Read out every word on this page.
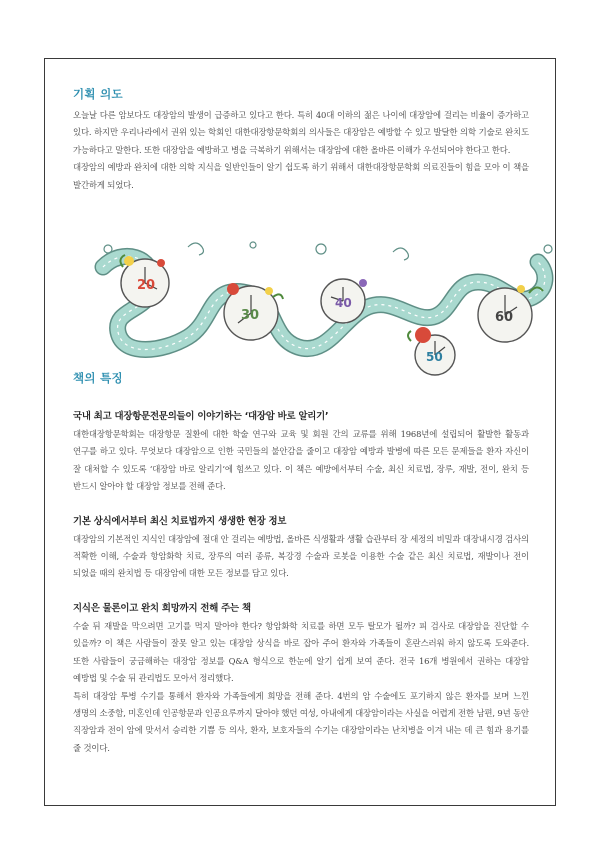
기획 의도

오늘날 다른 암보다도 대장암의 발생이 급증하고 있다고 한다. 특히 40대 이하의 젊은 나이에 대장암에 걸리는 비율이 증가하고 있다. 하지만 우리나라에서 권위 있는 학회인 대한대장항문학회의 의사들은 대장암은 예방할 수 있고 발달한 의학 기술로 완치도 가능하다고 말한다. 또한 대장암을 예방하고 병을 극복하기 위해서는 대장암에 대한 올바른 이해가 우선되어야 한다고 한다.

대장암의 예방과 완치에 대한 의학 지식을 일반인들이 알기 쉽도록 하기 위해서 대한대장항문학회 의료진들이 힘을 모아 이 책을 발간하게 되었다.

책의 특징
국내 최고 대장항문전문의들이 이야기하는 ‘대장암 바로 알리기’

대한대장항문학회는 대장항문 질환에 대한 학술 연구와 교육 및 회원 간의 교류를 위해 1968년에 설립되어 활발한 활동과 연구를 하고 있다. 무엇보다 대장암으로 인한 국민들의 불안감을 줄이고 대장암 예방과 발병에 따른 모든 문제들을 환자 자신이 잘 대처할 수 있도록 ‘대장암 바로 알리기’에 힘쓰고 있다. 이 책은 예방에서부터 수술, 최신 치료법, 장루, 재발, 전이, 완치 등 반드시 알아야 할 대장암 정보를 전해 준다.

기본 상식에서부터 최신 치료법까지 생생한 현장 정보

대장암의 기본적인 지식인 대장암에 절대 안 걸리는 예방법, 올바른 식생활과 생활 습관부터 장 세정의 비밀과 대장내시경 검사의 적확한 이해, 수술과 항암화학 치료, 장루의 여러 종류, 복강경 수술과 로봇을 이용한 수술 같은 최신 치료법, 재발이나 전이 되었을 때의 완치법 등 대장암에 대한 모든 정보를 담고 있다.

지식은 물론이고 완치 희망까지 전해 주는 책

수술 뒤 재발을 막으려면 고기를 먹지 말아야 한다? 항암화학 치료를 하면 모두 탈모가 될까? 피 검사로 대장암을 진단할 수 있을까? 이 책은 사람들이 잘못 알고 있는 대장암 상식을 바로 잡아 주어 환자와 가족들이 혼란스러워 하지 않도록 도와준다. 또한 사람들이 궁금해하는 대장암 정보를 Q&A 형식으로 한눈에 알기 쉽게 보여 준다. 전국 16개 병원에서 권하는 대장암 예방법 및 수술 뒤 관리법도 모아서 정리했다.

특히 대장암 투병 수기를 통해서 환자와 가족들에게 희망을 전해 준다. 4번의 암 수술에도 포기하지 않은 환자를 보며 느낀 생명의 소중함, 미혼인데 인공항문과 인공요루까지 달아야 했던 여성, 아내에게 대장암이라는 사실을 어렵게 전한 남편, 9년 동안 직장암과 전이 암에 맞서서 승리한 기쁨 등 의사, 환자, 보호자들의 수기는 대장암이라는 난치병을 이겨 내는 데 큰 힘과 용기를 줄 것이다.

20
30
40
50
60
